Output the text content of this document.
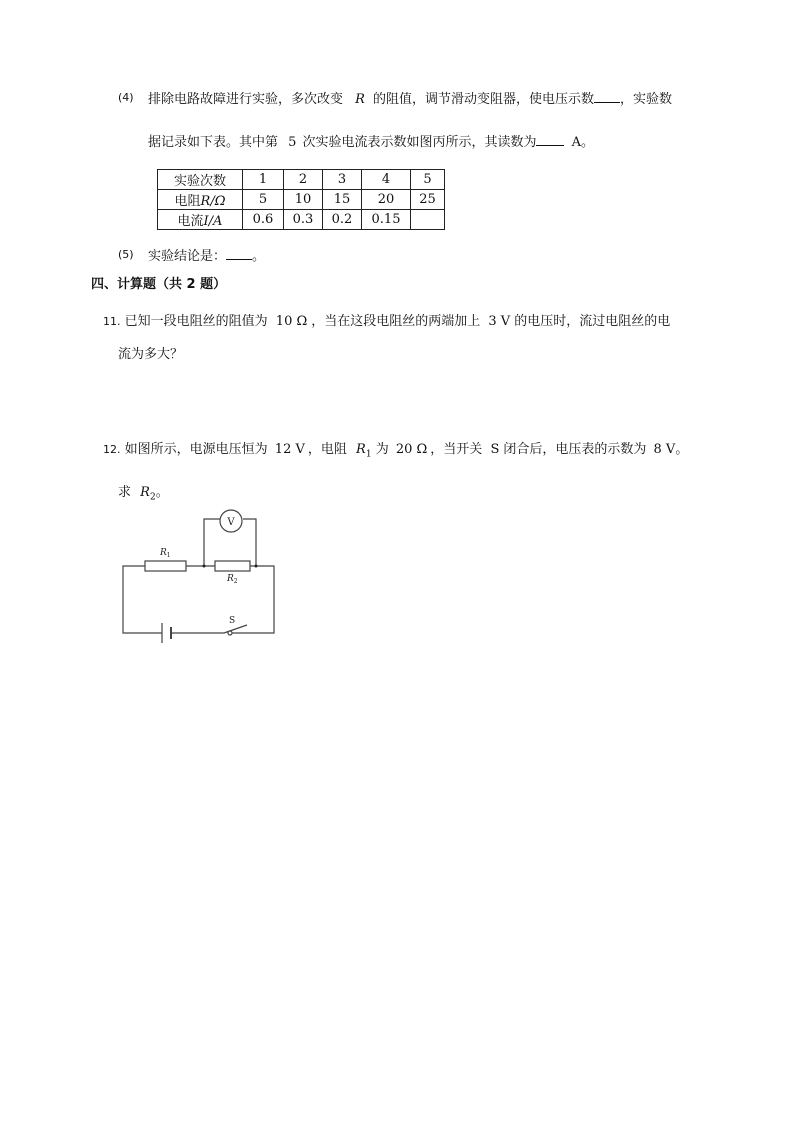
(4) 排除电路故障进行实验，多次改变 R 的阻值，调节滑动变阻器，使电压示数 ，实验数
据记录如下表。其中第 5 次实验电流表示数如图丙所示，其读数为	A。
实验次数	1	2	3	4	5
电阻R/Ω	5	10	15	20	25
电流I/A	0.6	0.3	0.2	0.15	
(5) 实验结论是： 。
四、计算题（共 2 题）
11. 已知一段电阻丝的阻值为 10 Ω ，当在这段电阻丝的两端加上 3 V 的电压时，流过电阻丝的电
流为多大？
12. 如图所示，电源电压恒为 12 V ，电阻 $R_1$ 为 20 Ω ，当开关 S 闭合后，电压表的示数为 8 V。
求 $R_2$。
V
$R_1$
$R_2$
S
